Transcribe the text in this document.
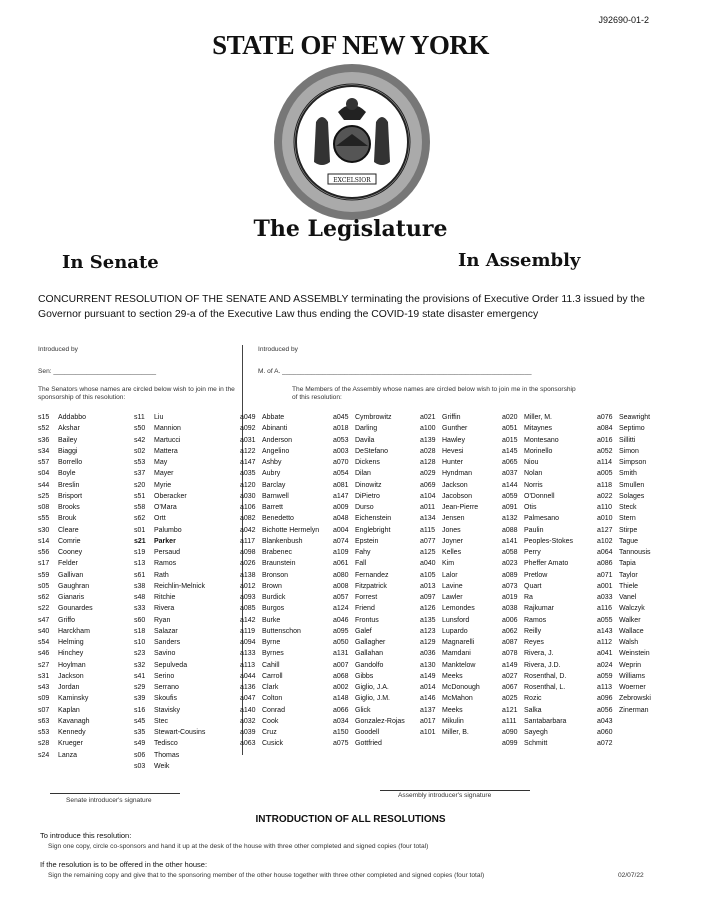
J92690-01-2
STATE OF NEW YORK
EXCELSIOR
The Legislature
In Senate	In Assembly
CONCURRENT RESOLUTION OF THE SENATE AND ASSEMBLY terminating the provisions of Executive Order 11.3 issued by the Governor pursuant to section 29-a of the Executive Law thus ending the COVID-19 state disaster emergency
Introduced by	Introduced by
Sen: ____________________________	M. of A. ____________________________________________________________________
The Senators whose names are circled below wish to join me in the sponsorship of this resolution:
The Members of the Assembly whose names are circled below wish to join me in the sponsorship of this resolution:
s15 Addabbo
s52 Akshar
s36 Bailey
s34 Biaggi
s57 Borrello
s04 Boyle
s44 Breslin
s25 Brisport
s08 Brooks
s55 Brouk
s30 Cleare
s14 Comrie
s56 Cooney
s17 Felder
s59 Gallivan
s05 Gaughran
s62 Gianaris
s22 Gounardes
s47 Griffo
s40 Harckham
s54 Helming
s46 Hinchey
s27 Hoylman
s31 Jackson
s43 Jordan
s09 Kaminsky
s07 Kaplan
s63 Kavanagh
s53 Kennedy
s28 Krueger
s24 Lanza
s11 Liu
s50 Mannion
s42 Martucci
s02 Mattera
s53 May
s37 Mayer
s20 Myrie
s51 Oberacker
s58 O'Mara
s62 Ortt
s01 Palumbo
s21 Parker
s19 Persaud
s13 Ramos
s61 Rath
s38 Reichlin-Melnick
s48 Ritchie
s33 Rivera
s60 Ryan
s18 Salazar
s10 Sanders
s23 Savino
s32 Sepulveda
s41 Serino
s29 Serrano
s39 Skoufis
s16 Stavisky
s45 Stec
s35 Stewart-Cousins
s49 Tedisco
s06 Thomas
s03 Weik
a049 Abbate
a092 Abinanti
a031 Anderson
a122 Angelino
a147 Ashby
a035 Aubry
a120 Barclay
a030 Barnwell
a106 Barrett
a082 Benedetto
a042 Bichotte Hermelyn
a117 Blankenbush
a098 Brabenec
a026 Braunstein
a138 Bronson
a012 Brown
a093 Burdick
a085 Burgos
a142 Burke
a119 Buttenschon
a094 Byrne
a133 Byrnes
a113 Cahill
a044 Carroll
a136 Clark
a047 Colton
a140 Conrad
a032 Cook
a039 Cruz
a063 Cusick
a045 Cymbrowitz
a018 Darling
a053 Davila
a003 DeStefano
a070 Dickens
a054 Dilan
a081 Dinowitz
a147 DiPietro
a009 Durso
a048 Eichenstein
a004 Englebright
a074 Epstein
a109 Fahy
a061 Fall
a080 Fernandez
a008 Fitzpatrick
a057 Forrest
a124 Friend
a046 Frontus
a095 Galef
a050 Gallagher
a131 Gallahan
a007 Gandolfo
a068 Gibbs
a002 Giglio, J.A.
a148 Giglio, J.M.
a066 Glick
a034 Gonzalez-Rojas
a150 Goodell
a075 Gottfried
a021 Griffin
a100 Gunther
a139 Hawley
a028 Hevesi
a128 Hunter
a029 Hyndman
a069 Jackson
a104 Jacobson
a011 Jean-Pierre
a134 Jensen
a115 Jones
a077 Joyner
a125 Kelles
a040 Kim
a105 Lalor
a013 Lavine
a097 Lawler
a126 Lemondes
a135 Lunsford
a123 Lupardo
a129 Magnarelli
a036 Mamdani
a130 Manktelow
a149 Meeks
a014 McDonough
a146 McMahon
a137 Meeks
a017 Mikulin
a101 Miller, B.
a020 Miller, M.
a051 Mitaynes
a015 Montesano
a145 Morinello
a065 Niou
a037 Nolan
a144 Norris
a059 O'Donnell
a091 Otis
a132 Palmesano
a088 Paulin
a141 Peoples-Stokes
a058 Perry
a023 Pheffer Amato
a089 Pretlow
a073 Quart
a019 Ra
a038 Rajkumar
a006 Ramos
a062 Reilly
a087 Reyes
a078 Rivera, J.
a149 Rivera, J.D.
a027 Rosenthal, D.
a067 Rosenthal, L.
a025 Rozic
a121 Salka
a111 Santabarbara
a090 Sayegh
a099 Schmitt
a076 Seawright
a084 Septimo
a016 Sillitti
a052 Simon
a114 Simpson
a005 Smith
a118 Smullen
a022 Solages
a110 Steck
a010 Stern
a127 Stirpe
a102 Tague
a064 Tannousis
a086 Tapia
a071 Taylor
a001 Thiele
a033 Vanel
a116 Walczyk
a055 Walker
a143 Wallace
a112 Walsh
a041 Weinstein
a024 Weprin
a059 Williams
a113 Woerner
a096 Zebrowski
a056 Zinerman
a043
a060
a072
Senate introducer's signature
Assembly introducer's signature
INTRODUCTION OF ALL RESOLUTIONS
To introduce this resolution:
Sign one copy, circle co-sponsors and hand it up at the desk of the house with three other completed and signed copies (four total)
If the resolution is to be offered in the other house:
Sign the remaining copy and give that to the sponsoring member of the other house together with three other completed and signed copies (four total)	02/07/22
